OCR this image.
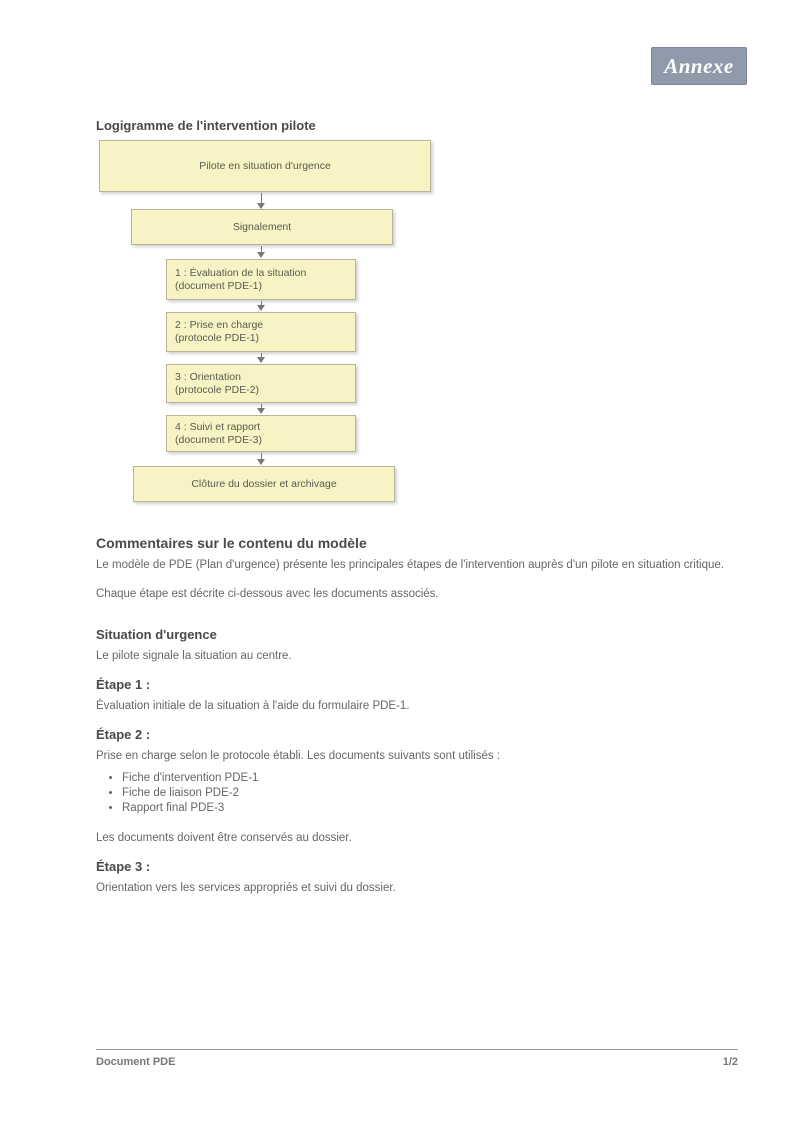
Annexe
Logigramme de l'intervention pilote
Pilote en situation d'urgence
Signalement
1 : Évaluation de la situation
(document PDE-1)
2 : Prise en charge
(protocole PDE-1)
3 : Orientation
(protocole PDE-2)
4 : Suivi et rapport
(document PDE-3)
Clôture du dossier et archivage
Commentaires sur le contenu du modèle

Le modèle de PDE (Plan d'urgence) présente les principales étapes de l'intervention auprès d'un pilote en situation critique.

Chaque étape est décrite ci-dessous avec les documents associés.

Situation d'urgence

Le pilote signale la situation au centre.

Étape 1 :

Évaluation initiale de la situation à l'aide du formulaire PDE-1.

Étape 2 :

Prise en charge selon le protocole établi. Les documents suivants sont utilisés :

• Fiche d'intervention PDE-1
• Fiche de liaison PDE-2
• Rapport final PDE-3

Les documents doivent être conservés au dossier.

Étape 3 :

Orientation vers les services appropriés et suivi du dossier.

Document PDE	1/2
